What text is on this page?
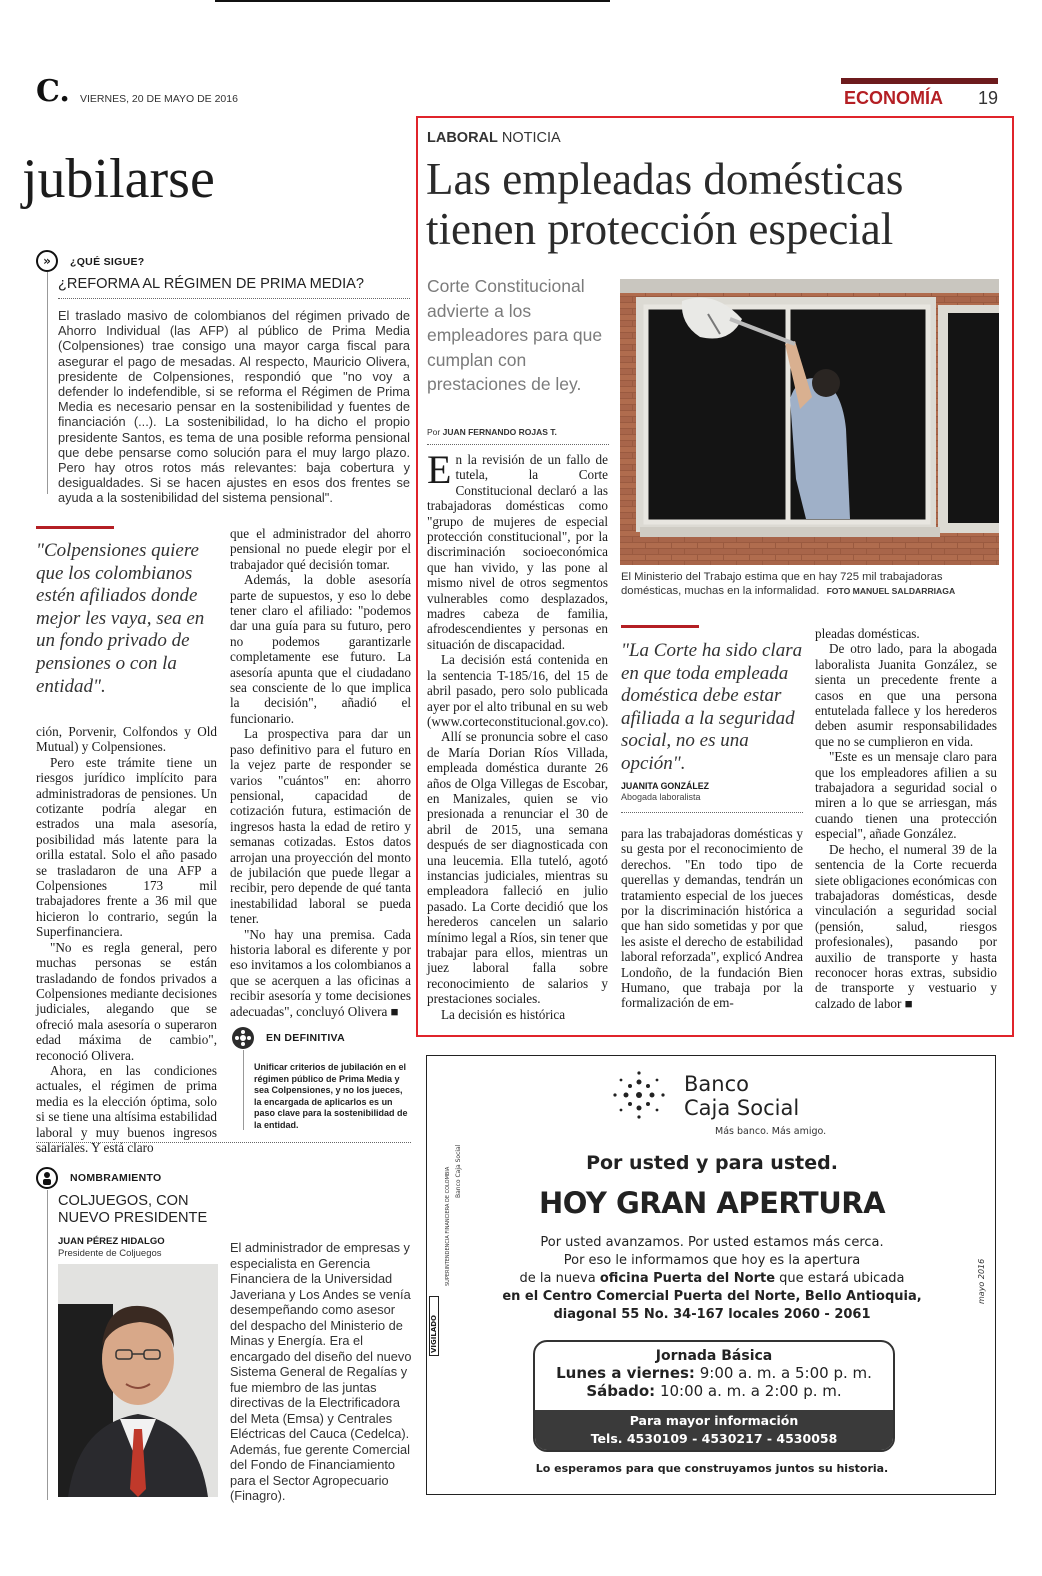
C. VIERNES, 20 DE MAYO DE 2016	ECONOMÍA 19
jubilarse
»	¿QUÉ SIGUE?
¿REFORMA AL RÉGIMEN DE PRIMA MEDIA?
El traslado masivo de colombianos del régimen privado de Ahorro Individual (las AFP) al público de Prima Media (Colpensiones) trae consigo una mayor carga fiscal para asegurar el pago de mesadas. Al respecto, Mauricio Olivera, presidente de Colpensiones, respondió que "no voy a defender lo indefendible, si se reforma el Régimen de Prima Media es necesario pensar en la sostenibilidad y fuentes de financiación (...). La sostenibilidad, lo ha dicho el propio presidente Santos, es tema de una posible reforma pensional que debe pensarse como solución para el muy largo plazo. Pero hay otros rotos más relevantes: baja cobertura y desigualdades. Si se hacen ajustes en esos dos frentes se ayuda a la sostenibilidad del sistema pensional".
"Colpensiones quiere que los colombianos estén afiliados donde mejor les vaya, sea en un fondo privado de pensiones o con la entidad".

ción, Porvenir, Colfondos y Old Mutual) y Colpensiones.

Pero este trámite tiene un riesgos jurídico implícito para administradoras de pensiones. Un cotizante podría alegar en estrados una mala asesoría, posibilidad más latente para la orilla estatal. Solo el año pasado se trasladaron de una AFP a Colpensiones 173 mil trabajadores frente a 36 mil que hicieron lo contrario, según la Superfinanciera.

"No es regla general, pero muchas personas se están trasladando de fondos privados a Colpensiones mediante decisiones judiciales, alegando que se ofreció mala asesoría o superaron edad máxima de cambio", reconoció Olivera.

Ahora, en las condiciones actuales, el régimen de prima media es la elección óptima, solo si se tiene una altísima estabilidad laboral y muy buenos ingresos salariales. Y está claro

que el administrador del ahorro pensional no puede elegir por el trabajador qué decisión tomar.

Además, la doble asesoría parte de supuestos, y eso lo debe tener claro el afiliado: "podemos dar una guía para su futuro, pero no podemos garantizarle completamente ese futuro. La asesoría apunta que el ciudadano sea consciente de lo que implica la decisión", añadió el funcionario.

La prospectiva para dar un paso definitivo para el futuro en la vejez parte de responder se varios "cuántos" en: ahorro pensional, capacidad de cotización futura, estimación de ingresos hasta la edad de retiro y semanas cotizadas. Estos datos arrojan una proyección del monto de jubilación que puede llegar a recibir, pero depende de qué tanta inestabilidad laboral se pueda tener.

"No hay una premisa. Cada historia laboral es diferente y por eso invitamos a los colombianos a que se acerquen a las oficinas a recibir asesoría y tome decisiones adecuadas", concluyó Olivera ■

EN DEFINITIVA
Unificar criterios de jubilación en el régimen público de Prima Media y sea Colpensiones, y no los jueces, la encargada de aplicarlos es un paso clave para la sostenibilidad de la entidad.
NOMBRAMIENTO
COLJUEGOS, CON NUEVO PRESIDENTE
JUAN PÉREZ HIDALGO
Presidente de Coljuegos	El administrador de empresas y especialista en Gerencia Financiera de la Universidad Javeriana y Los Andes se venía desempeñando como asesor del despacho del Ministerio de Minas y Energía. Era el encargado del diseño del nuevo Sistema General de Regalías y fue miembro de las juntas directivas de la Electrificadora del Meta (Emsa) y Centrales Eléctricas del Cauca (Cedelca). Además, fue gerente Comercial del Fondo de Financiamiento para el Sector Agropecuario (Finagro).
LABORAL NOTICIA
Las empleadas domésticas tienen protección especial
Corte Constitucional advierte a los empleadores para que cumplan con prestaciones de ley.
Por JUAN FERNANDO ROJAS T.
El Ministerio del Trabajo estima que en hay 725 mil trabajadoras domésticas, muchas en la informalidad. FOTO MANUEL SALDARRIAGA

En la revisión de un fallo de tutela, la Corte Constitucional declaró a las trabajadoras domésticas como "grupo de mujeres de especial protección constitucional", por la discriminación socioeconómica que han vivido, y las pone al mismo nivel de otros segmentos vulnerables como desplazados, madres cabeza de familia, afrodescendientes y personas en situación de discapacidad.

La decisión está contenida en la sentencia T-185/16, del 15 de abril pasado, pero solo publicada ayer por el alto tribunal en su web (www.corteconstitucional.gov.co).

Allí se pronuncia sobre el caso de María Dorian Ríos Villada, empleada doméstica durante 26 años de Olga Villegas de Escobar, en Manizales, quien se vio presionada a renunciar el 30 de abril de 2015, una semana después de ser diagnosticada con una leucemia. Ella tuteló, agotó instancias judiciales, mientras su empleadora falleció en julio pasado. La Corte decidió que los herederos cancelen un salario mínimo legal a Ríos, sin tener que trabajar para ellos, mientras un juez laboral falla sobre reconocimiento de salarios y prestaciones sociales.

La decisión es histórica

"La Corte ha sido clara en que toda empleada doméstica debe estar afiliada a la seguridad social, no es una opción".
JUANITA GONZÁLEZ
Abogada laboralista

para las trabajadoras domésticas y su gesta por el reconocimiento de derechos. "En todo tipo de querellas y demandas, tendrán un tratamiento especial de los jueces por la discriminación histórica a que han sido sometidas y por que les asiste el derecho de estabilidad laboral reforzada", explicó Andrea Londoño, de la fundación Bien Humano, que trabaja por la formalización de em-

pleadas domésticas.

De otro lado, para la abogada laboralista Juanita González, se sienta un precedente frente a casos en que una persona entutelada fallece y los herederos deben asumir responsabilidades que no se cumplieron en vida.

"Este es un mensaje claro para que los empleadores afilien a su trabajadora a seguridad social o miren a lo que se arriesgan, más cuando tienen una protección especial", añade González.

De hecho, el numeral 39 de la sentencia de la Corte recuerda siete obligaciones económicas con trabajadoras domésticas, desde vinculación a seguridad social (pensión, salud, riesgos profesionales), pasando por auxilio de transporte y hasta reconocer horas extras, subsidio de transporte y vestuario y calzado de labor ■

Banco
Caja Social
Más banco. Más amigo.
Por usted y para usted.
HOY GRAN APERTURA
Por usted avanzamos. Por usted estamos más cerca.
Por eso le informamos que hoy es la apertura
de la nueva oficina Puerta del Norte que estará ubicada
en el Centro Comercial Puerta del Norte, Bello Antioquia,
diagonal 55 No. 34-167 locales 2060 - 2061
Jornada Básica
Lunes a viernes: 9:00 a. m. a 5:00 p. m.
Sábado: 10:00 a. m. a 2:00 p. m.
Para mayor información
Tels. 4530109 - 4530217 - 4530058
Lo esperamos para que construyamos juntos su historia.
VIGILADO
SUPERINTENDENCIA FINANCIERA DE COLOMBIA Banco Caja Social
mayo 2016
